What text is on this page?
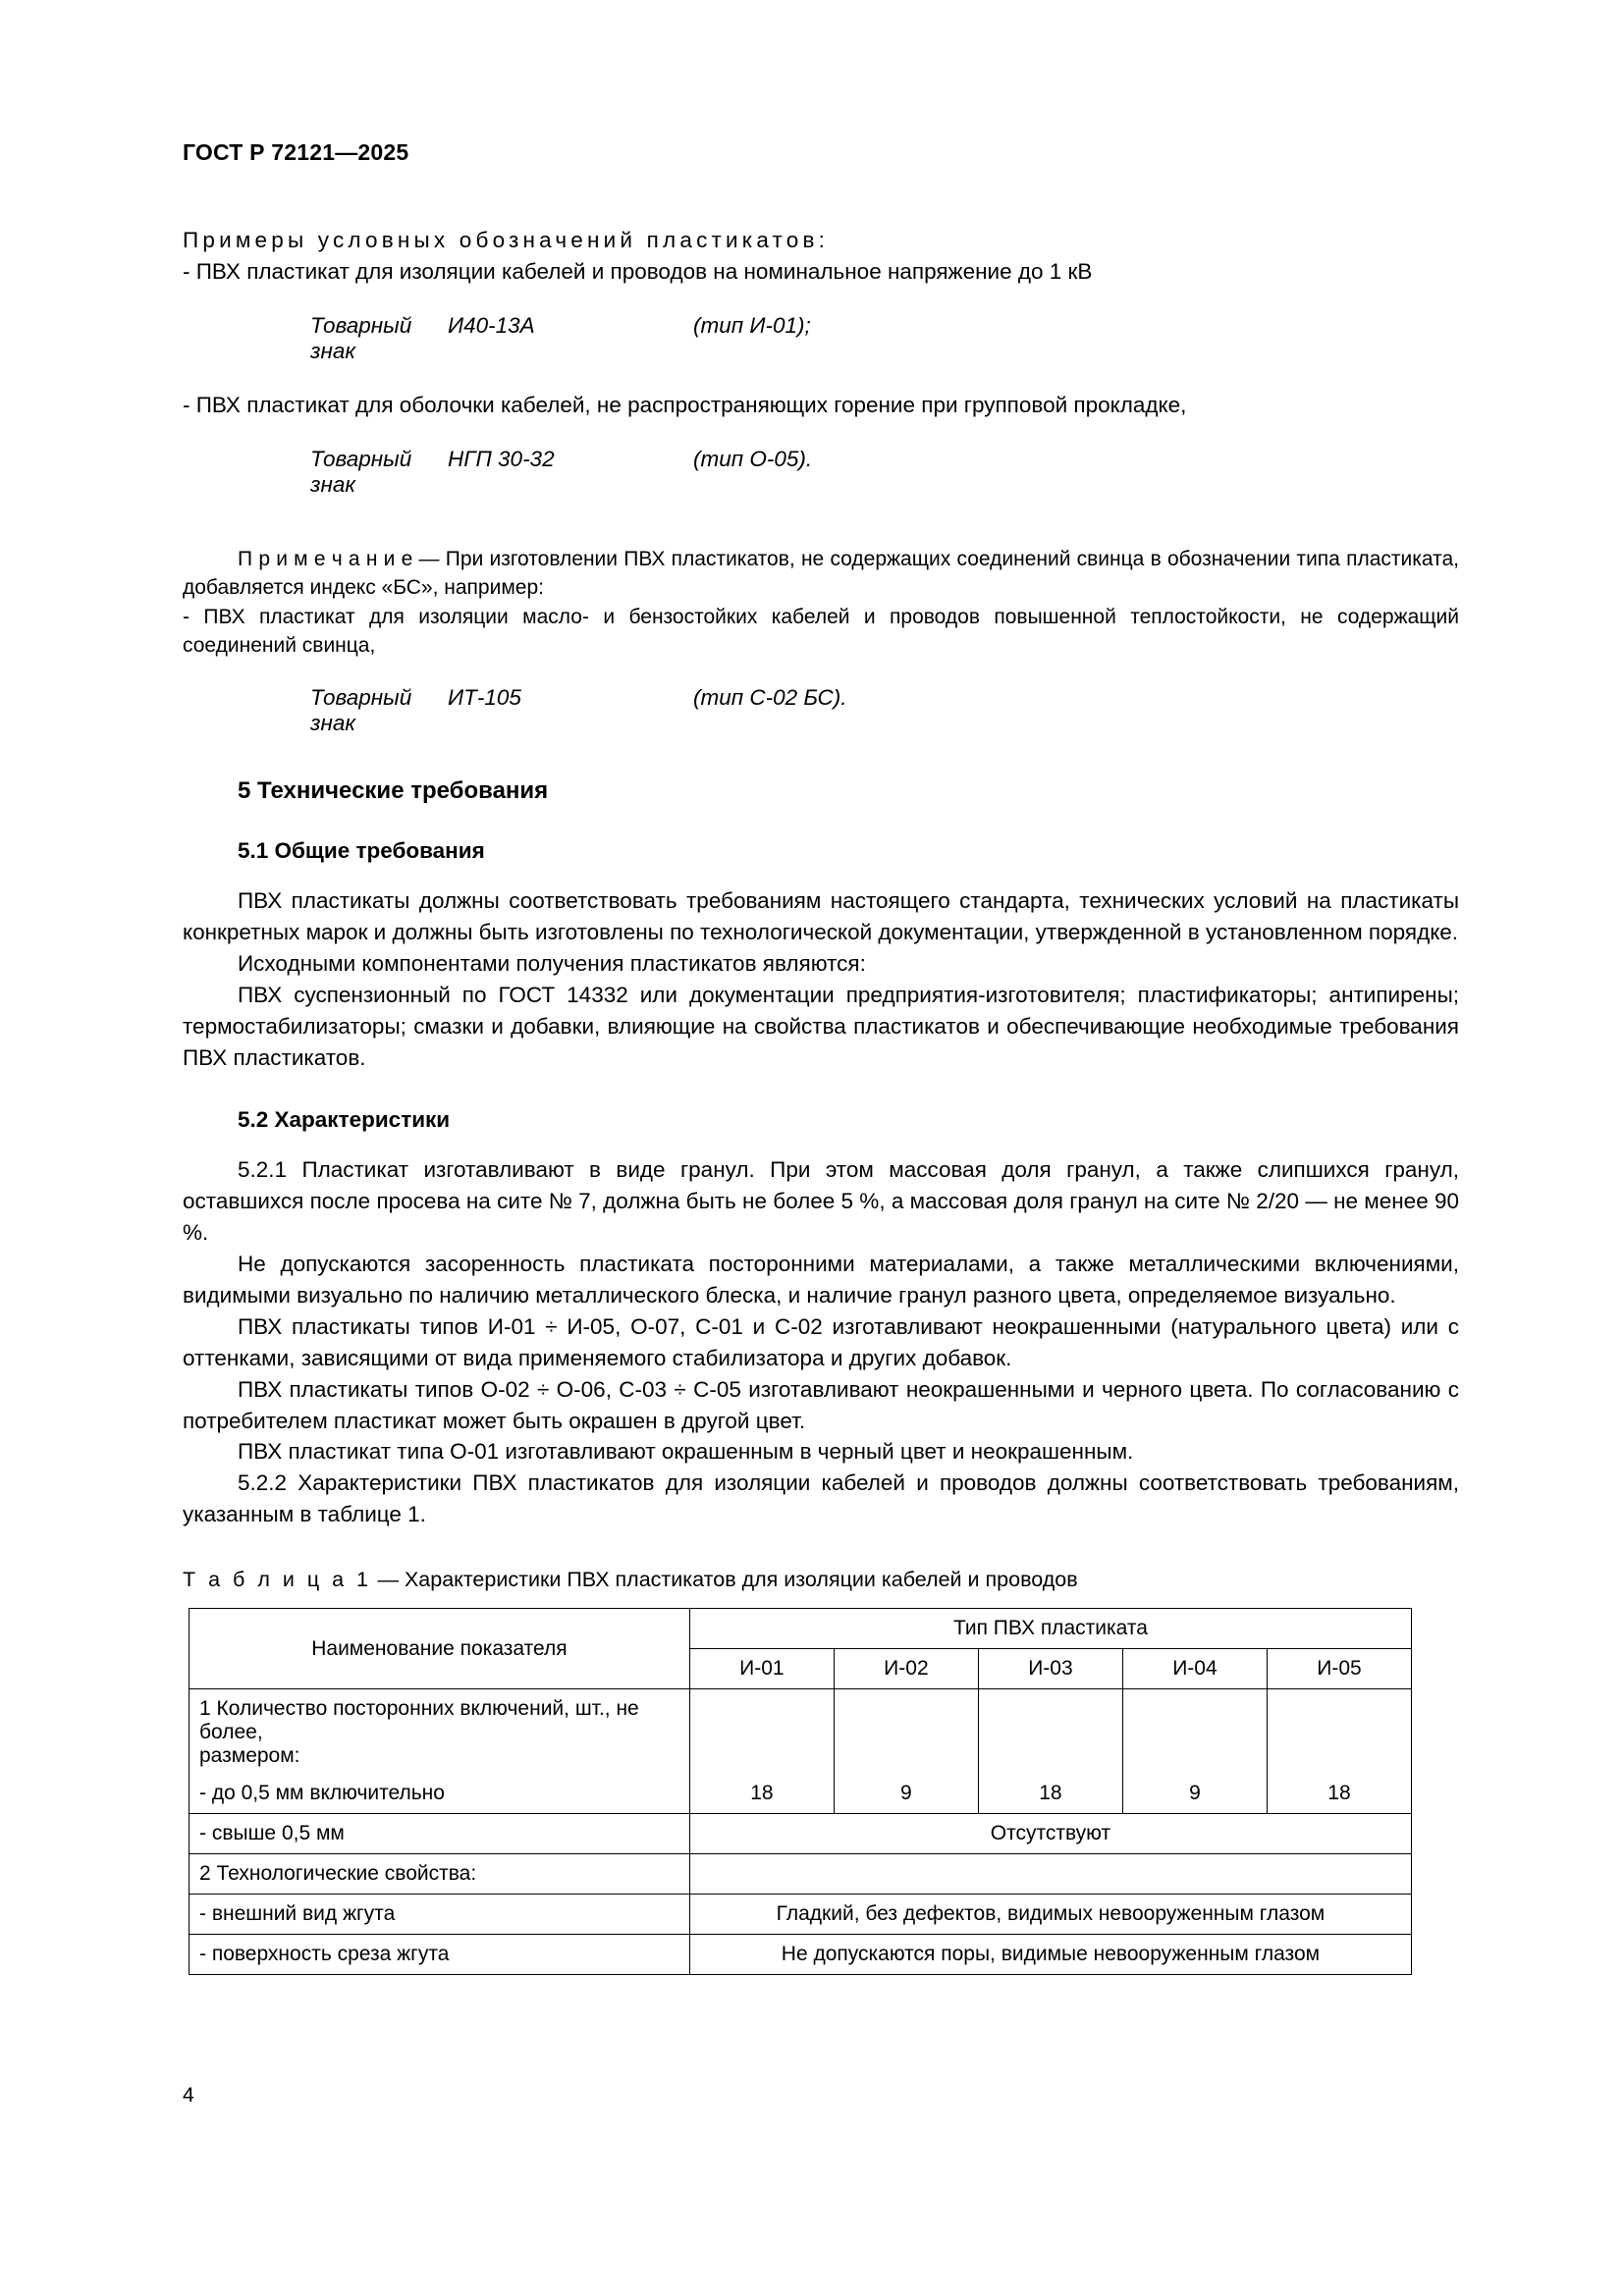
ГОСТ Р 72121—2025

Примеры условных обозначений пластикатов:

- ПВХ пластикат для изоляции кабелей и проводов на номинальное напряжение до 1 кВ

Товарный знак
И40-13А	(тип И-01);

- ПВХ пластикат для оболочки кабелей, не распространяющих горение при групповой прокладке,

Товарный знак
НГП 30-32	(тип О-05).

П р и м е ч а н и е — При изготовлении ПВХ пластикатов, не содержащих соединений свинца в обозначении типа пластиката, добавляется индекс «БС», например:

- ПВХ пластикат для изоляции масло- и бензостойких кабелей и проводов повышенной теплостойкости, не содержащий соединений свинца,

Товарный знак
ИТ-105	(тип С-02 БС).
5 Технические требования
5.1 Общие требования

ПВХ пластикаты должны соответствовать требованиям настоящего стандарта, технических условий на пластикаты конкретных марок и должны быть изготовлены по технологической документации, утвержденной в установленном порядке.

Исходными компонентами получения пластикатов являются:

ПВХ суспензионный по ГОСТ 14332 или документации предприятия-изготовителя; пластификаторы; антипирены; термостабилизаторы; смазки и добавки, влияющие на свойства пластикатов и обеспечивающие необходимые требования ПВХ пластикатов.

5.2 Характеристики

5.2.1 Пластикат изготавливают в виде гранул. При этом массовая доля гранул, а также слипшихся гранул, оставшихся после просева на сите № 7, должна быть не более 5 %, а массовая доля гранул на сите № 2/20 — не менее 90 %.

Не допускаются засоренность пластиката посторонними материалами, а также металлическими включениями, видимыми визуально по наличию металлического блеска, и наличие гранул разного цвета, определяемое визуально.

ПВХ пластикаты типов И-01 ÷ И-05, О-07, С-01 и С-02 изготавливают неокрашенными (натурального цвета) или с оттенками, зависящими от вида применяемого стабилизатора и других добавок.

ПВХ пластикаты типов О-02 ÷ О-06, С-03 ÷ С-05 изготавливают неокрашенными и черного цвета. По согласованию с потребителем пластикат может быть окрашен в другой цвет.

ПВХ пластикат типа О-01 изготавливают окрашенным в черный цвет и неокрашенным.

5.2.2 Характеристики ПВХ пластикатов для изоляции кабелей и проводов должны соответствовать требованиям, указанным в таблице 1.

Т а б л и ц а 1 — Характеристики ПВХ пластикатов для изоляции кабелей и проводов
Наименование показателя	Тип ПВХ пластиката				
	И-01	И-02	И-03	И-04	И-05

1 Количество посторонних включений, шт., не более,
размером:
- до 0,5 мм включительно	18	9	18	9	18
- свыше 0,5 мм	Отсутствуют				
2 Технологические свойства:					
- внешний вид жгута	Гладкий, без дефектов, видимых невооруженным глазом				
- поверхность среза жгута	Не допускаются поры, видимые невооруженным глазом				
4
